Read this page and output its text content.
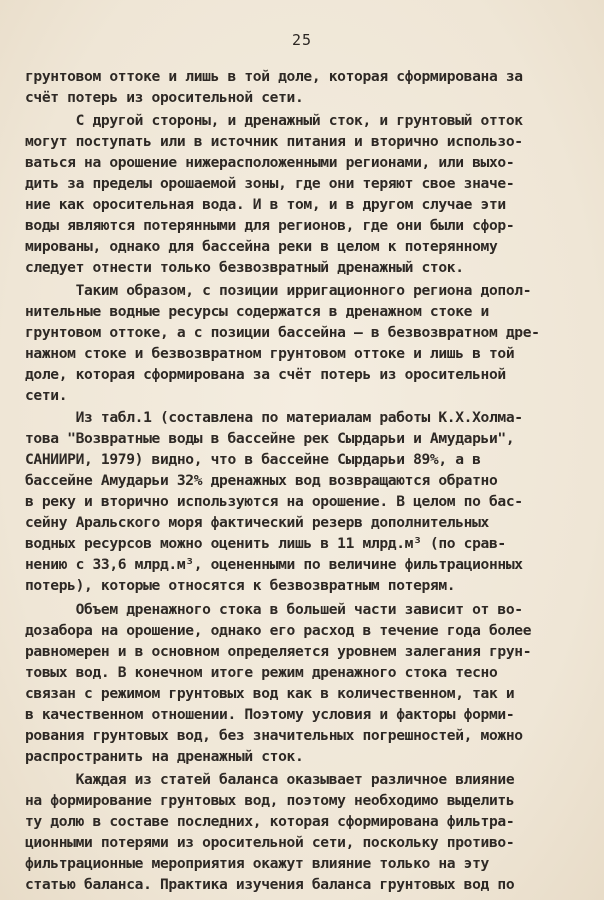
25
грунтовом оттоке и лишь в той доле, которая сформирована за
счёт потерь из оросительной сети.
С другой стороны, и дренажный сток, и грунтовый отток
могут поступать или в источник питания и вторично использо-
ваться на орошение нижерасположенными регионами, или выхо-
дить за пределы орошаемой зоны, где они теряют свое значе-
ние как оросительная вода. И в том, и в другом случае эти
воды являются потерянными для регионов, где они были сфор-
мированы, однако для бассейна реки в целом к потерянному
следует отнести только безвозвратный дренажный сток.
Таким образом, с позиции ирригационного региона допол-
нительные водные ресурсы содержатся в дренажном стоке и
грунтовом оттоке, а с позиции бассейна – в безвозвратном дре-
нажном стоке и безвозвратном грунтовом оттоке и лишь в той
доле, которая сформирована за счёт потерь из оросительной
сети.
Из табл.1 (составлена по материалам работы К.Х.Холма-
това "Возвратные воды в бассейне рек Сырдарьи и Амударьи",
САНИИРИ, 1979) видно, что в бассейне Сырдарьи 89%, а в
бассейне Амударьи 32% дренажных вод возвращаются обратно
в реку и вторично используются на орошение. В целом по бас-
сейну Аральского моря фактический резерв дополнительных
водных ресурсов можно оценить лишь в 11 млрд.м³ (по срав-
нению с 33,6 млрд.м³, оцененными по величине фильтрационных
потерь), которые относятся к безвозвратным потерям.
Объем дренажного стока в большей части зависит от во-
дозабора на орошение, однако его расход в течение года более
равномерен и в основном определяется уровнем залегания грун-
товых вод. В конечном итоге режим дренажного стока тесно
связан с режимом грунтовых вод как в количественном, так и
в качественном отношении. Поэтому условия и факторы форми-
рования грунтовых вод, без значительных погрешностей, можно
распространить на дренажный сток.
Каждая из статей баланса оказывает различное влияние
на формирование грунтовых вод, поэтому необходимо выделить
ту долю в составе последних, которая сформирована фильтра-
ционными потерями из оросительной сети, поскольку противо-
фильтрационные мероприятия окажут влияние только на эту
статью баланса. Практика изучения баланса грунтовых вод по
